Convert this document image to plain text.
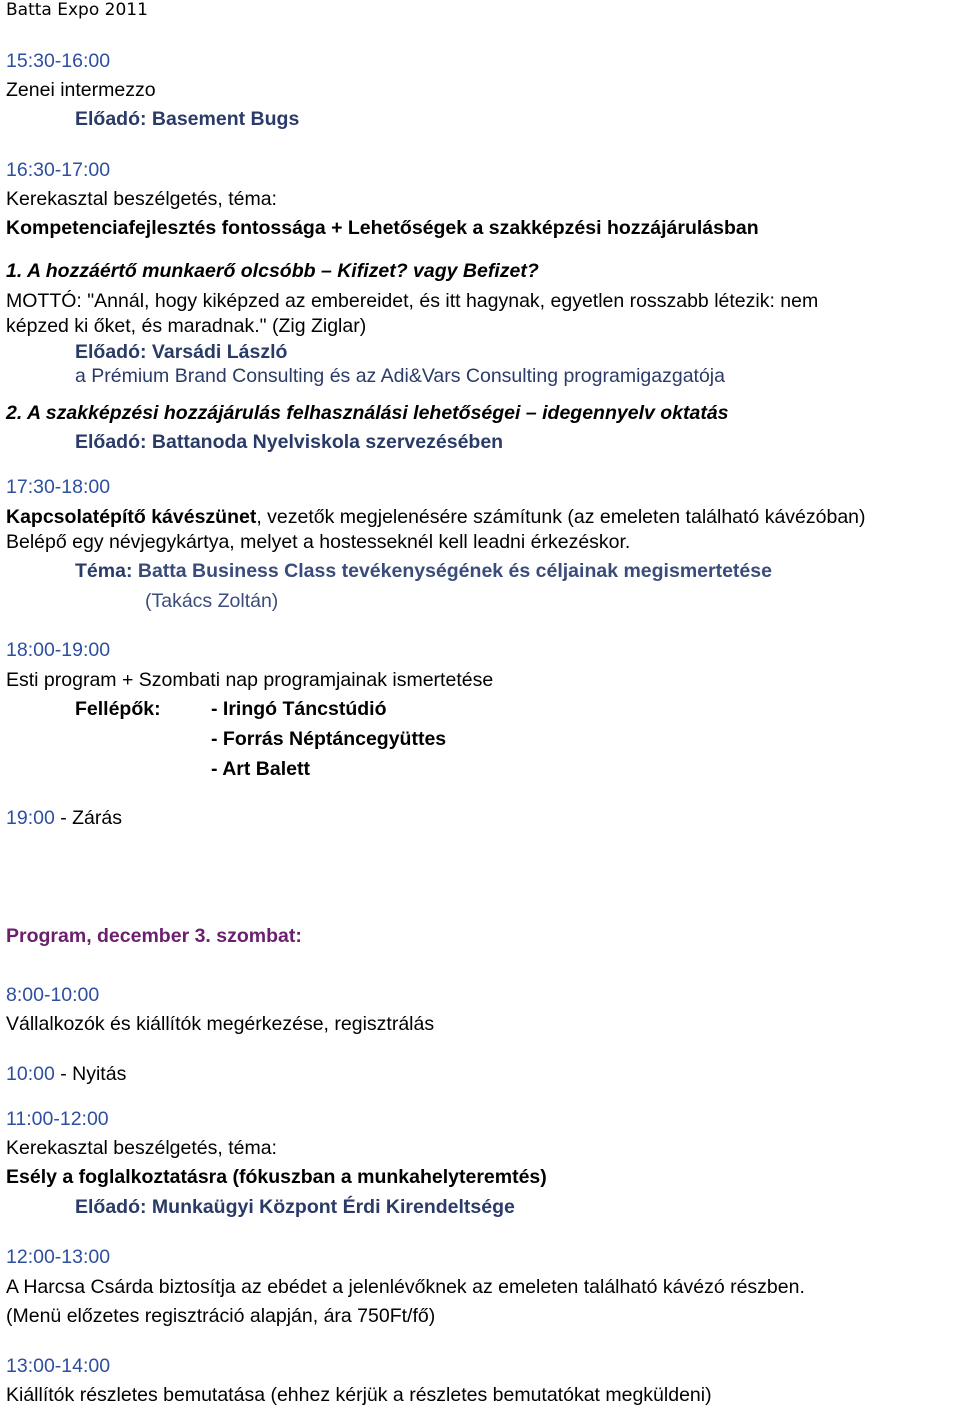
Batta Expo 2011
15:30-16:00
Zenei intermezzo
Előadó: Basement Bugs
16:30-17:00
Kerekasztal beszélgetés, téma:
Kompetenciafejlesztés fontossága + Lehetőségek a szakképzési hozzájárulásban
1. A hozzáértő munkaerő olcsóbb – Kifizet? vagy Befizet?
MOTTÓ: "Annál, hogy kiképzed az embereidet, és itt hagynak, egyetlen rosszabb létezik: nem
képzed ki őket, és maradnak." (Zig Ziglar)
Előadó: Varsádi László
a Prémium Brand Consulting és az Adi&Vars Consulting programigazgatója
2. A szakképzési hozzájárulás felhasználási lehetőségei – idegennyelv oktatás
Előadó: Battanoda Nyelviskola szervezésében
17:30-18:00
Kapcsolatépítő kávészünet, vezetők megjelenésére számítunk (az emeleten található kávézóban)
Belépő egy névjegykártya, melyet a hostesseknél kell leadni érkezéskor.
Téma: Batta Business Class tevékenységének és céljainak megismertetése
(Takács Zoltán)
18:00-19:00
Esti program + Szombati nap programjainak ismertetése
Fellépők:	- Iringó Táncstúdió
- Forrás Néptáncegyüttes
- Art Balett
19:00 - Zárás
Program, december 3. szombat:
8:00-10:00
Vállalkozók és kiállítók megérkezése, regisztrálás
10:00 - Nyitás
11:00-12:00
Kerekasztal beszélgetés, téma:
Esély a foglalkoztatásra (fókuszban a munkahelyteremtés)
Előadó: Munkaügyi Központ Érdi Kirendeltsége
12:00-13:00
A Harcsa Csárda biztosítja az ebédet a jelenlévőknek az emeleten található kávézó részben.
(Menü előzetes regisztráció alapján, ára 750Ft/fő)
13:00-14:00
Kiállítók részletes bemutatása (ehhez kérjük a részletes bemutatókat megküldeni)
